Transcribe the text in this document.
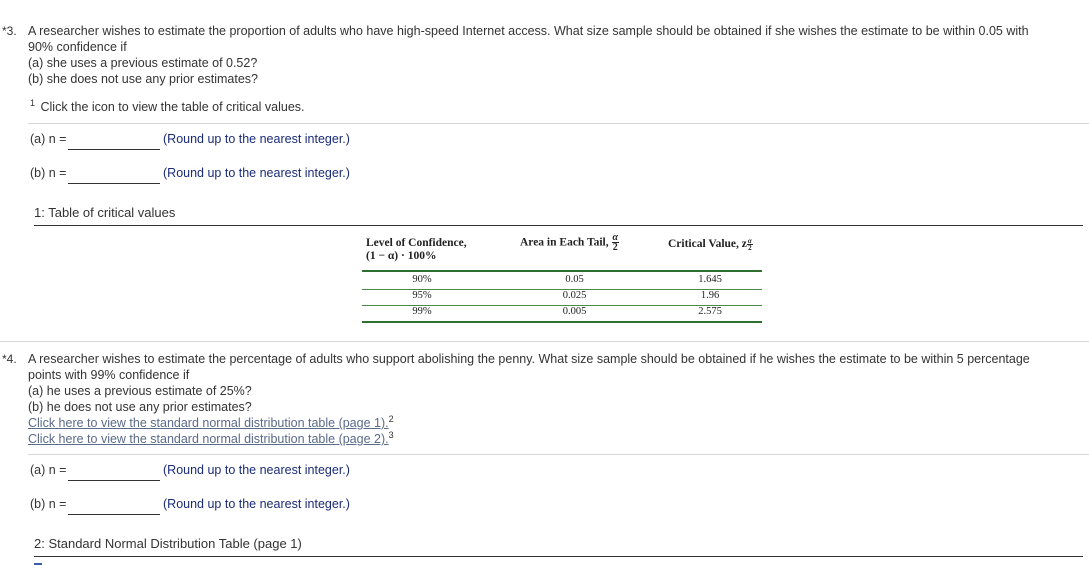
*3. A researcher wishes to estimate the proportion of adults who have high-speed Internet access. What size sample should be obtained if she wishes the estimate to be within 0.05 with
90% confidence if
(a) she uses a previous estimate of 0.52?
(b) she does not use any prior estimates?
$^1$ Click the icon to view the table of critical values.
(a) n =	(Round up to the nearest integer.)
(b) n =	(Round up to the nearest integer.)
1: Table of critical values
Level of Confidence,
(1 − α) · 100%
Area in Each Tail, $\frac{\alpha}{2}$	Critical Value, z $\frac{\alpha}{2}$
90%	0.05	1.645
95%	0.025	1.96
99%	0.005	2.575
*4. A researcher wishes to estimate the percentage of adults who support abolishing the penny. What size sample should be obtained if he wishes the estimate to be within 5 percentage
points with 99% confidence if
(a) he uses a previous estimate of 25%?
(b) he does not use any prior estimates?
Click here to view the standard normal distribution table (page 1).$^2$
Click here to view the standard normal distribution table (page 2).$^3$
(a) n =	(Round up to the nearest integer.)
(b) n =	(Round up to the nearest integer.)
2: Standard Normal Distribution Table (page 1)
